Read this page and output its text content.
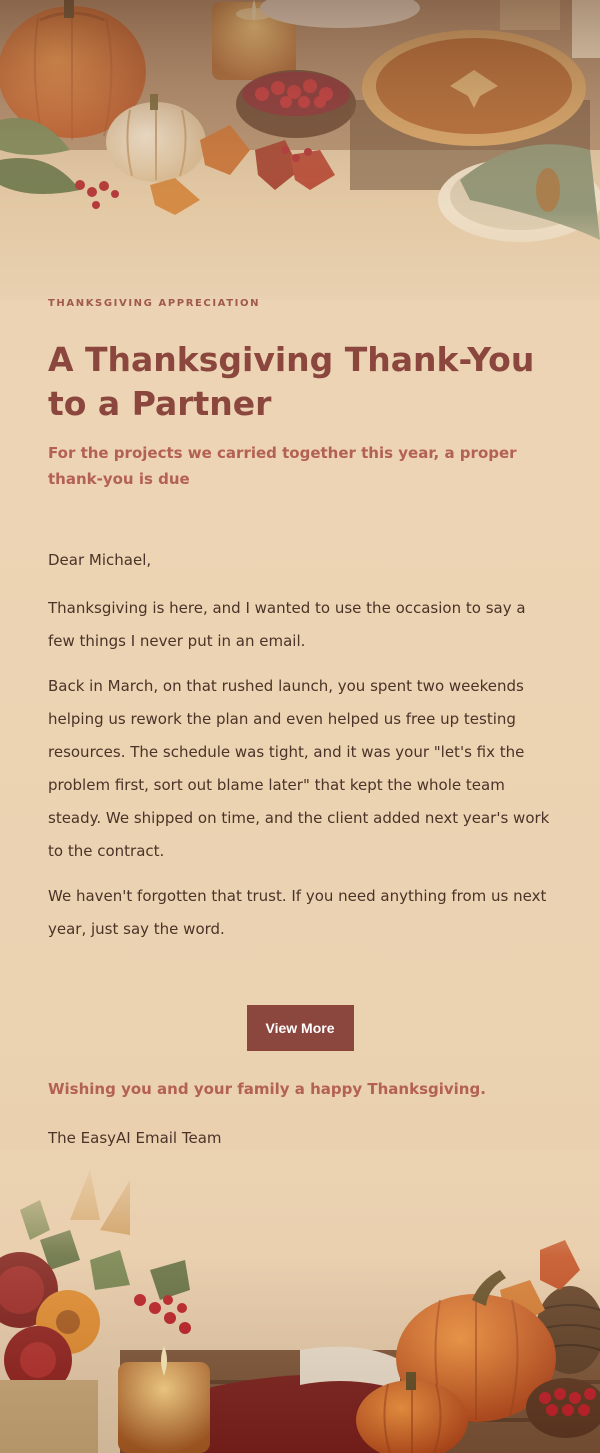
THANKSGIVING APPRECIATION
A Thanksgiving Thank-You to a Partner

For the projects we carried together this year, a proper thank-you is due

Dear Michael,

Thanksgiving is here, and I wanted to use the occasion to say a few things I never put in an email.

Back in March, on that rushed launch, you spent two weekends helping us rework the plan and even helped us free up testing resources. The schedule was tight, and it was your "let's fix the problem first, sort out blame later" that kept the whole team steady. We shipped on time, and the client added next year's work to the contract.

We haven't forgotten that trust. If you need anything from us next year, just say the word.

View More

Wishing you and your family a happy Thanksgiving.

The EasyAI Email Team
